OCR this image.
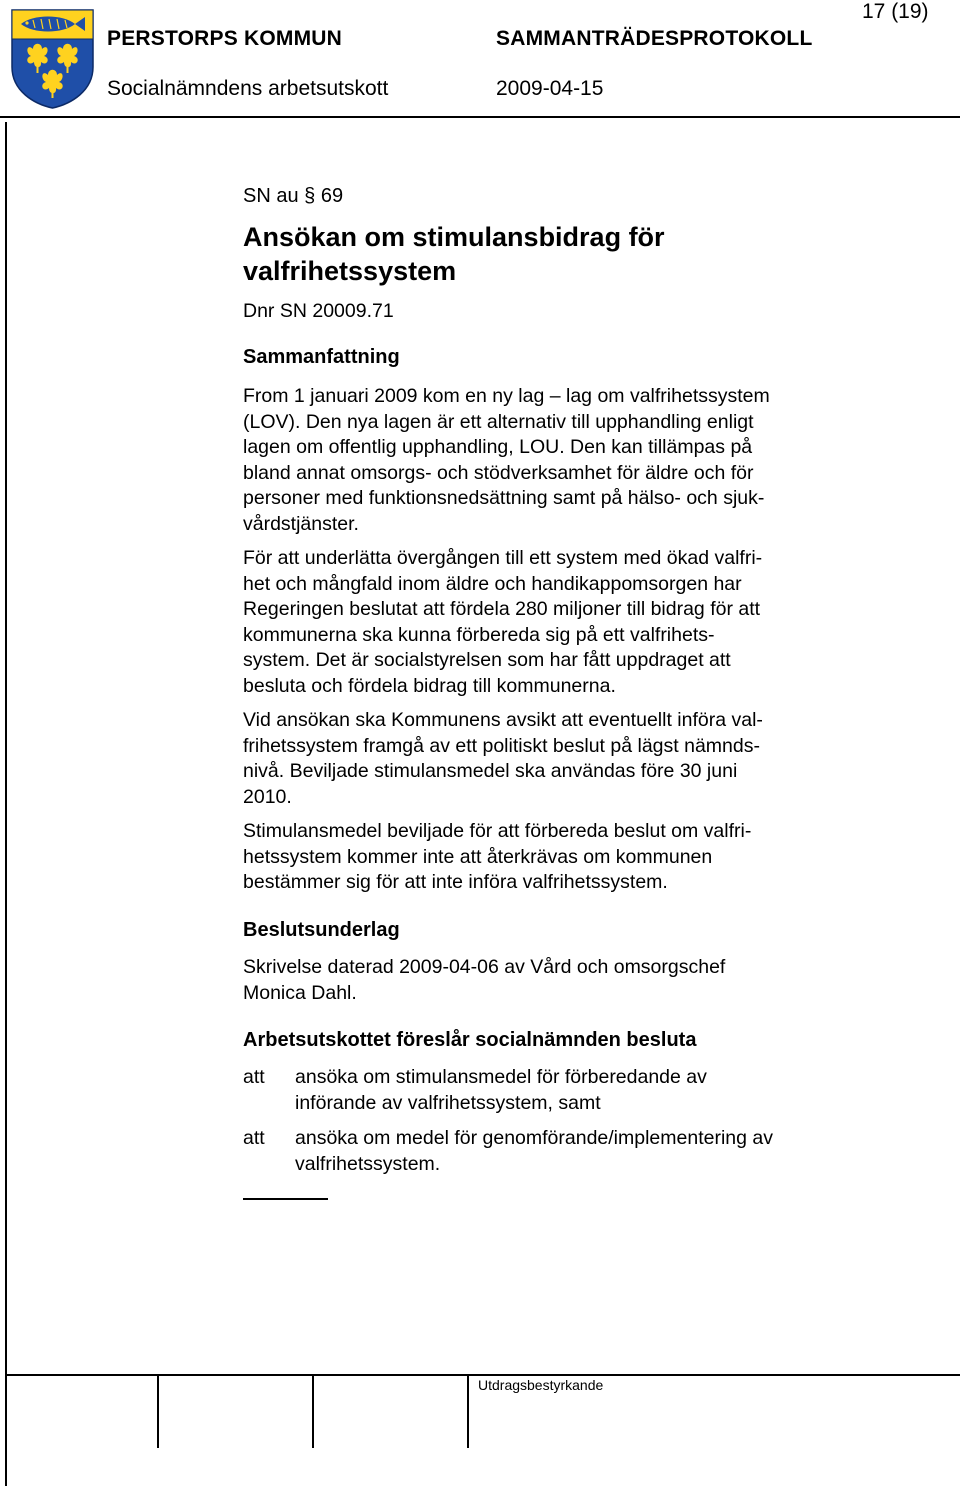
PERSTORPS KOMMUN	SAMMANTRÄDESPROTOKOLL
Socialnämndens arbetsutskott	2009-04-15
17 (19)

SN au § 69

Ansökan om stimulansbidrag för

valfrihetssystem

Dnr SN 20009.71

Sammanfattning

From 1 januari 2009 kom en ny lag – lag om valfrihetssystem

(LOV). Den nya lagen är ett alternativ till upphandling enligt

lagen om offentlig upphandling, LOU. Den kan tillämpas på

bland annat omsorgs- och stödverksamhet för äldre och för

personer med funktionsnedsättning samt på hälso- och sjuk-

vårdstjänster.

För att underlätta övergången till ett system med ökad valfri-

het och mångfald inom äldre och handikappomsorgen har

Regeringen beslutat att fördela 280 miljoner till bidrag för att

kommunerna ska kunna förbereda sig på ett valfrihets-

system. Det är socialstyrelsen som har fått uppdraget att

besluta och fördela bidrag till kommunerna.

Vid ansökan ska Kommunens avsikt att eventuellt införa val-

frihetssystem framgå av ett politiskt beslut på lägst nämnds-

nivå. Beviljade stimulansmedel ska användas före 30 juni

2010.

Stimulansmedel beviljade för att förbereda beslut om valfri-

hetssystem kommer inte att återkrävas om kommunen

bestämmer sig för att inte införa valfrihetssystem.

Beslutsunderlag

Skrivelse daterad 2009-04-06 av Vård och omsorgschef

Monica Dahl.

Arbetsutskottet föreslår socialnämnden besluta

att ansöka om stimulansmedel för förberedande av

införande av valfrihetssystem, samt

att ansöka om medel för genomförande/implementering av

valfrihetssystem.

Utdragsbestyrkande
